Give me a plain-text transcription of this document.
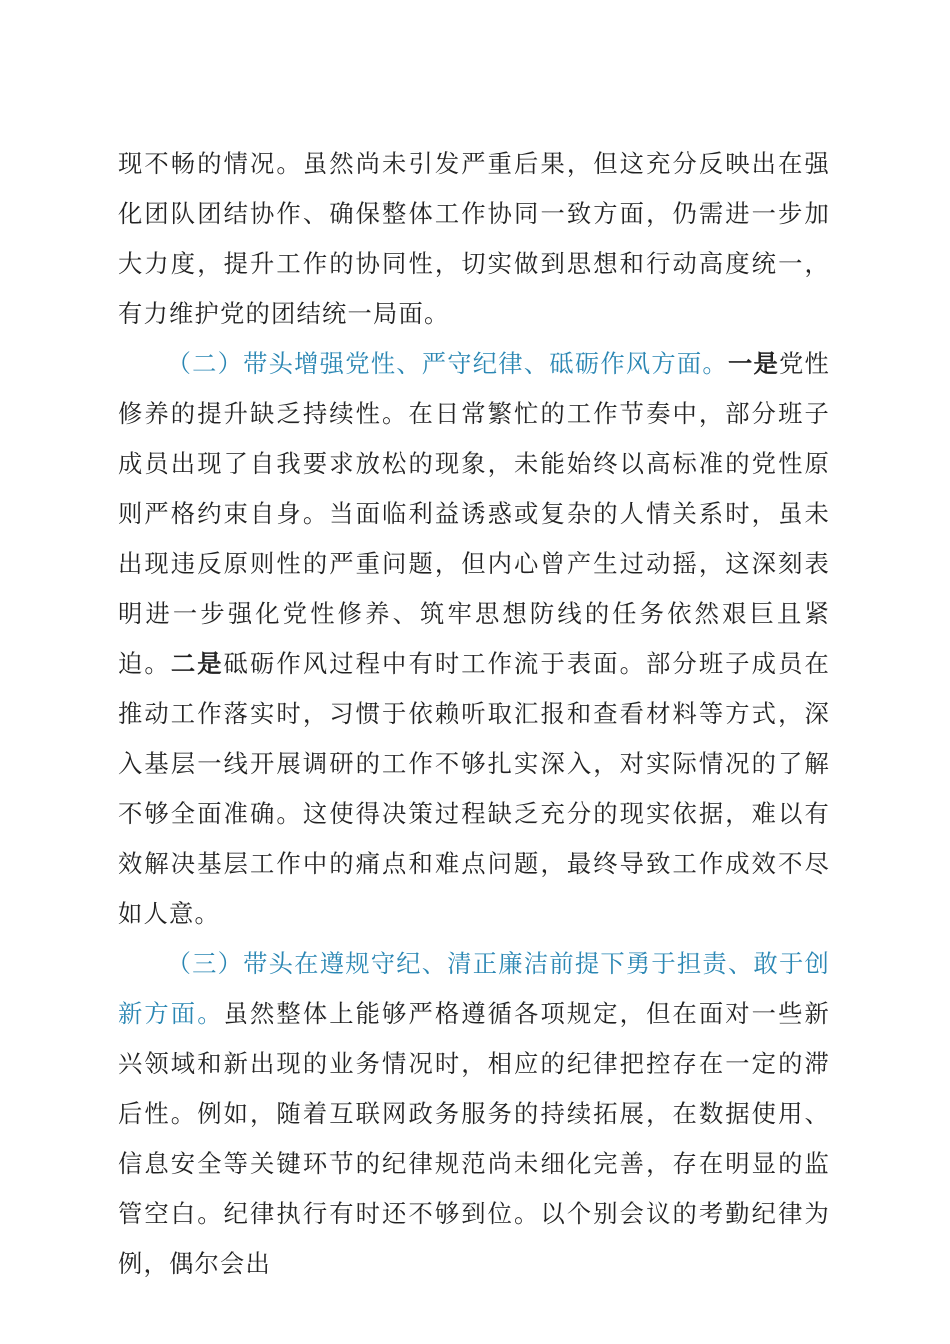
现不畅的情况。虽然尚未引发严重后果，但这充分反映出在强化团队团结协作、确保整体工作协同一致方面，仍需进一步加大力度，提升工作的协同性，切实做到思想和行动高度统一，有力维护党的团结统一局面。

（二）带头增强党性、严守纪律、砥砺作风方面。一是党性修养的提升缺乏持续性。在日常繁忙的工作节奏中，部分班子成员出现了自我要求放松的现象，未能始终以高标准的党性原则严格约束自身。当面临利益诱惑或复杂的人情关系时，虽未出现违反原则性的严重问题，但内心曾产生过动摇，这深刻表明进一步强化党性修养、筑牢思想防线的任务依然艰巨且紧迫。二是砥砺作风过程中有时工作流于表面。部分班子成员在推动工作落实时，习惯于依赖听取汇报和查看材料等方式，深入基层一线开展调研的工作不够扎实深入，对实际情况的了解不够全面准确。这使得决策过程缺乏充分的现实依据，难以有效解决基层工作中的痛点和难点问题，最终导致工作成效不尽如人意。

（三）带头在遵规守纪、清正廉洁前提下勇于担责、敢于创新方面。虽然整体上能够严格遵循各项规定，但在面对一些新兴领域和新出现的业务情况时，相应的纪律把控存在一定的滞后性。例如，随着互联网政务服务的持续拓展，在数据使用、信息安全等关键环节的纪律规范尚未细化完善，存在明显的监管空白。纪律执行有时还不够到位。以个别会议的考勤纪律为例，偶尔会出
